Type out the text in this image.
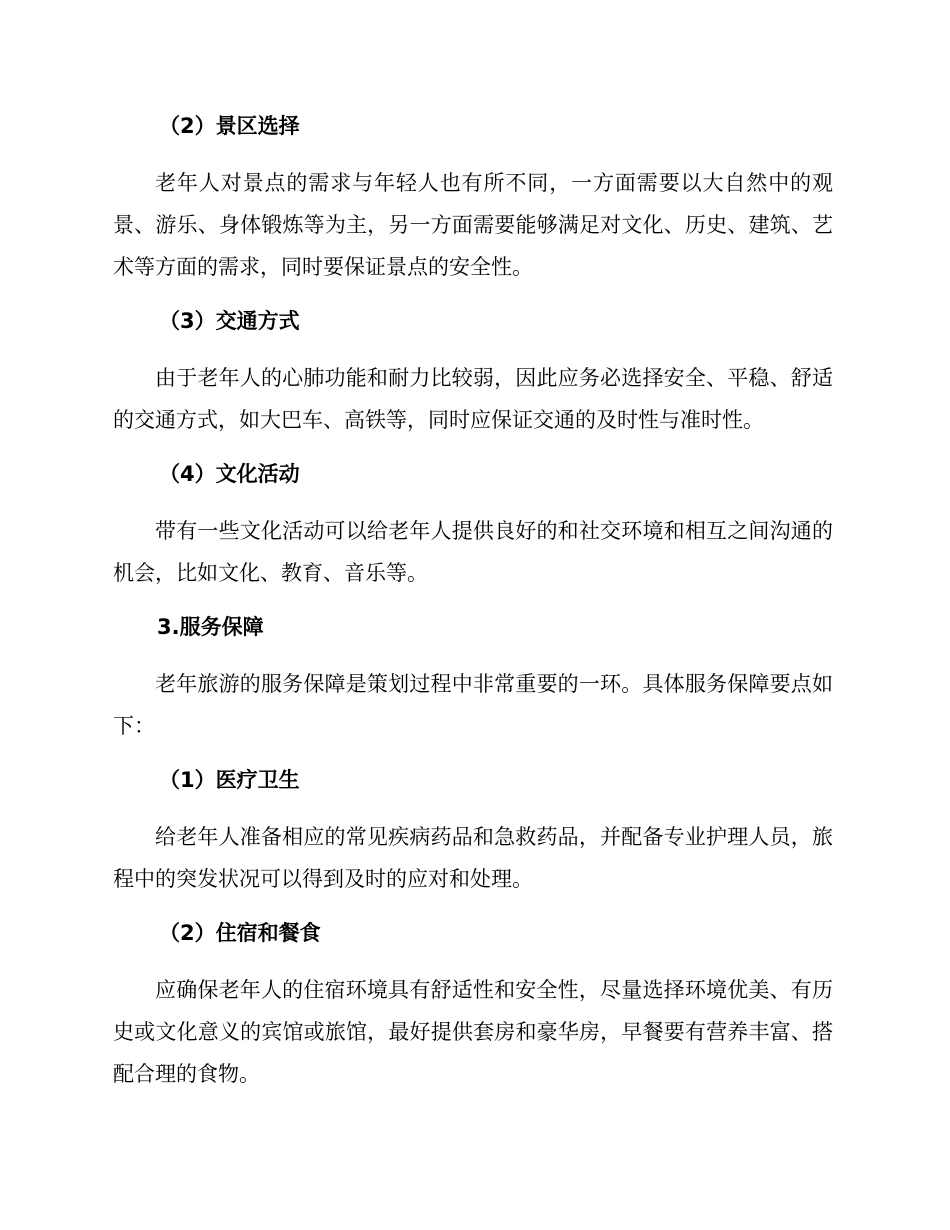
（2）景区选择

老年人对景点的需求与年轻人也有所不同，一方面需要以大自然中的观景、游乐、身体锻炼等为主，另一方面需要能够满足对文化、历史、建筑、艺术等方面的需求，同时要保证景点的安全性。

（3）交通方式

由于老年人的心肺功能和耐力比较弱，因此应务必选择安全、平稳、舒适的交通方式，如大巴车、高铁等，同时应保证交通的及时性与准时性。

（4）文化活动

带有一些文化活动可以给老年人提供良好的和社交环境和相互之间沟通的机会，比如文化、教育、音乐等。

3.服务保障

老年旅游的服务保障是策划过程中非常重要的一环。具体服务保障要点如下：

（1）医疗卫生

给老年人准备相应的常见疾病药品和急救药品，并配备专业护理人员，旅程中的突发状况可以得到及时的应对和处理。

（2）住宿和餐食

应确保老年人的住宿环境具有舒适性和安全性，尽量选择环境优美、有历史或文化意义的宾馆或旅馆，最好提供套房和豪华房，早餐要有营养丰富、搭配合理的食物。
